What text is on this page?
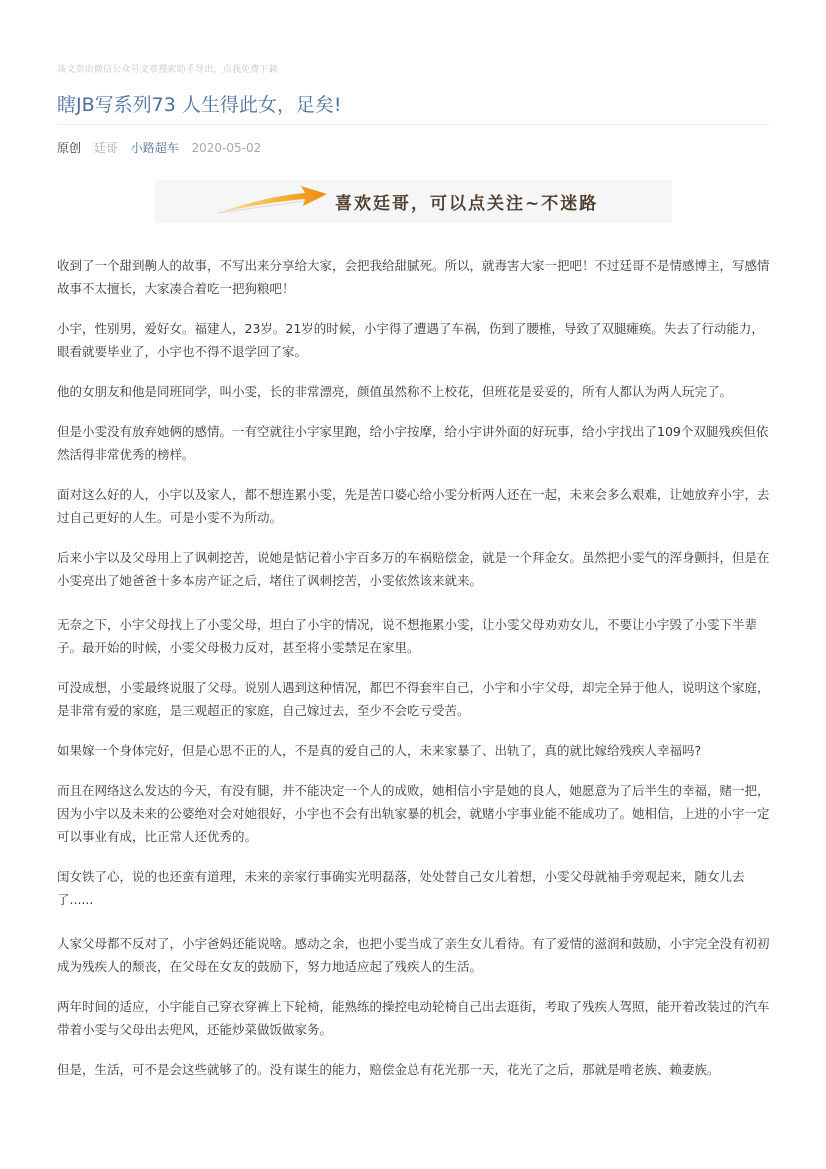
该文章由微信公众号文章搜索助手导出，点我免费下载
瞎JB写系列73 人生得此女，足矣!
原创 廷哥 小路超车 2020-05-02
喜欢廷哥，可以点关注~不迷路

收到了一个甜到齁人的故事，不写出来分享给大家，会把我给甜腻死。所以，就毒害大家一把吧！不过廷哥不是情感博主，写感情故事不太擅长，大家凑合着吃一把狗粮吧！

小宇，性别男，爱好女。福建人，23岁。21岁的时候，小宇得了遭遇了车祸，伤到了腰椎，导致了双腿瘫痪。失去了行动能力，眼看就要毕业了，小宇也不得不退学回了家。

他的女朋友和他是同班同学，叫小雯，长的非常漂亮，颜值虽然称不上校花，但班花是妥妥的，所有人都认为两人玩完了。

但是小雯没有放弃她俩的感情。一有空就往小宇家里跑，给小宇按摩，给小宇讲外面的好玩事，给小宇找出了109个双腿残疾但依然活得非常优秀的榜样。

面对这么好的人，小宇以及家人，都不想连累小雯，先是苦口婆心给小雯分析两人还在一起，未来会多么艰难，让她放弃小宇，去过自己更好的人生。可是小雯不为所动。

后来小宇以及父母用上了讽刺挖苦，说她是惦记着小宇百多万的车祸赔偿金，就是一个拜金女。虽然把小雯气的浑身颤抖，但是在小雯亮出了她爸爸十多本房产证之后，堵住了讽刺挖苦，小雯依然该来就来。

无奈之下，小宇父母找上了小雯父母，坦白了小宇的情况，说不想拖累小雯，让小雯父母劝劝女儿，不要让小宇毁了小雯下半辈子。最开始的时候，小雯父母极力反对，甚至将小雯禁足在家里。

可没成想，小雯最终说服了父母。说别人遇到这种情况，都巴不得套牢自己，小宇和小宇父母，却完全异于他人，说明这个家庭，是非常有爱的家庭，是三观超正的家庭，自己嫁过去，至少不会吃亏受苦。

如果嫁一个身体完好，但是心思不正的人，不是真的爱自己的人，未来家暴了、出轨了，真的就比嫁给残疾人幸福吗?

而且在网络这么发达的今天，有没有腿，并不能决定一个人的成败，她相信小宇是她的良人，她愿意为了后半生的幸福，赌一把，因为小宇以及未来的公婆绝对会对她很好，小宇也不会有出轨家暴的机会，就赌小宇事业能不能成功了。她相信，上进的小宇一定可以事业有成，比正常人还优秀的。

闺女铁了心，说的也还蛮有道理，未来的亲家行事确实光明磊落，处处替自己女儿着想，小雯父母就袖手旁观起来，随女儿去了......

人家父母都不反对了，小宇爸妈还能说啥。感动之余，也把小雯当成了亲生女儿看待。有了爱情的滋润和鼓励，小宇完全没有初初成为残疾人的颓丧，在父母在女友的鼓励下，努力地适应起了残疾人的生活。

两年时间的适应，小宇能自己穿衣穿裤上下轮椅，能熟练的操控电动轮椅自己出去逛街，考取了残疾人驾照，能开着改装过的汽车带着小雯与父母出去兜风，还能炒菜做饭做家务。

但是，生活，可不是会这些就够了的。没有谋生的能力，赔偿金总有花光那一天，花光了之后，那就是啃老族、赖妻族。
